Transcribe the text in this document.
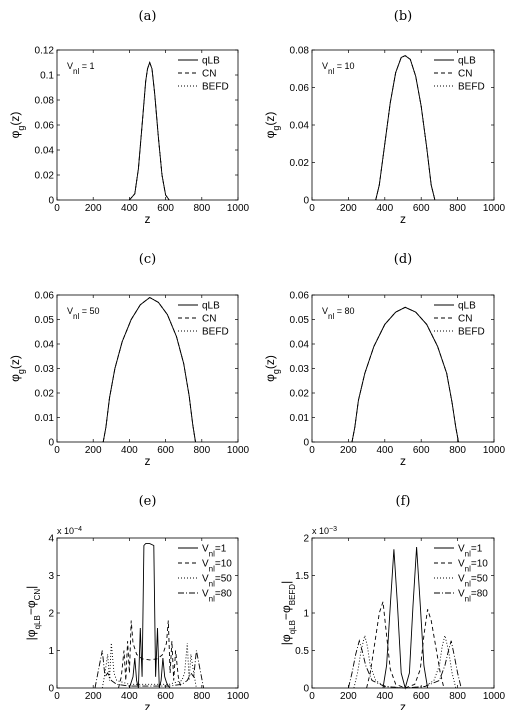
(a)
0	200 400 600 800 1000
0
0.02
0.04
0.06
0.08
0.1
0.12
z
$\varphi_g(z)$
$V_{nl} = 1$	qLB
CN
BEFD
(b)
0	200 400 600 800 1000
0
0.02
0.04
0.06
0.08
z
$\varphi_g(z)$
$V_{nl} = 10$	qLB
CN
BEFD
(c)
0	200 400 600 800 1000
0
0.01
0.02
0.03
0.04
0.05
0.06
z
$\varphi_g(z)$
$V_{nl} = 50$	qLB
CN
BEFD
(d)
0	200 400 600 800 1000
0
0.01
0.02
0.03
0.04
0.05
0.06
z
$\varphi_g(z)$
$V_{nl} = 80$	qLB
CN
BEFD
(e)
0	200 400 600 800 1000
0
1
2
3
4
z
$|\varphi_{qLB}-\varphi_{CN}|$
x $10^{-4}$
$V_{nl}=1$
$V_{nl}=10$
$V_{nl}=50$
$V_{nl}=80$
(f)
0	200 400 600 800 1000
0
0.5
1
1.5
2
z
$|\varphi_{qLB}-\varphi_{BEFD}|$
x $10^{-3}$
$V_{nl}=1$
$V_{nl}=10$
$V_{nl}=50$
$V_{nl}=80$
